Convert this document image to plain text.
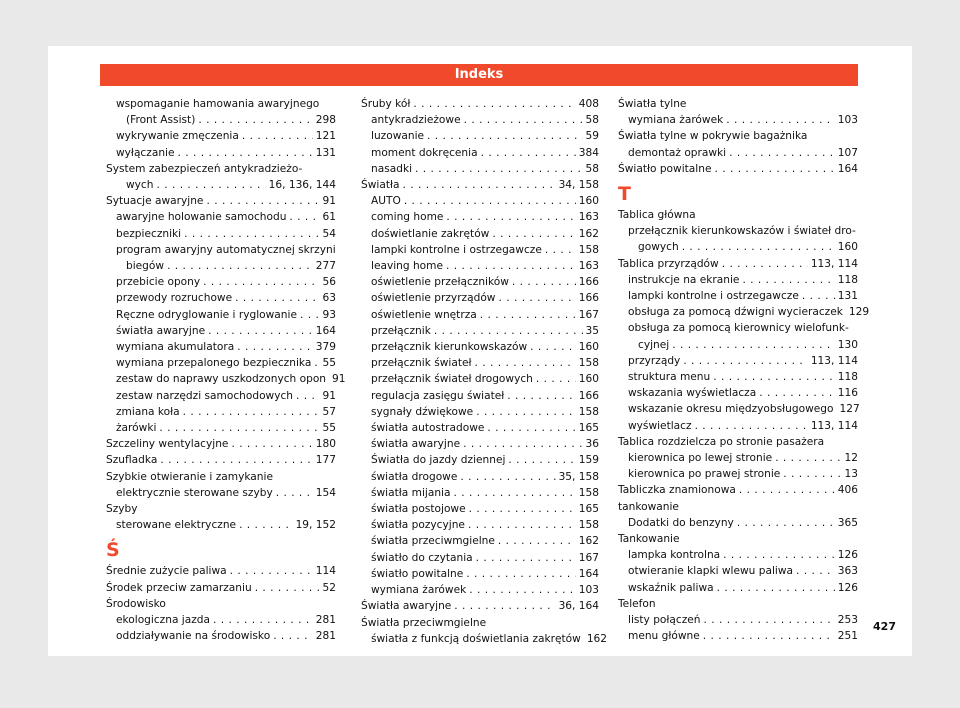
Indeks
wspomaganie hamowania awaryjnego
(Front Assist) . . .	298
wykrywanie zmęczenia . . .	121
wyłączanie . . .	131
System zabezpieczeń antykradzieżo-
wych . . .	16, 136, 144
Sytuacje awaryjne . . .	91
awaryjne holowanie samochodu . . .	61
bezpieczniki . . .	54
program awaryjny automatycznej skrzyni
biegów . . .	277
przebicie opony . . .	56
przewody rozruchowe . . .	63
Ręczne odryglowanie i ryglowanie . . . 93
światła awaryjne . . .	164
wymiana akumulatora . . .	379
wymiana przepalonego bezpiecznika . . . 55
zestaw do naprawy uszkodzonych opon 91
zestaw narzędzi samochodowych . . .	91
zmiana koła . . .	57
żarówki . . .	55
Szczeliny wentylacyjne . . .	180
Szufladka . . .	177
Szybkie otwieranie i zamykanie
elektrycznie sterowane szyby . . .	154
Szyby
sterowane elektryczne . . .	19, 152
Ś
Średnie zużycie paliwa . . .	114
Środek przeciw zamarzaniu . . .	52
Środowisko
ekologiczna jazda . . .	281
oddziaływanie na środowisko . . .	281
Śruby kół . . .	408
antykradzieżowe . . .	58
luzowanie . . .	59
moment dokręcenia . . .	384
nasadki . . .	58
Światła . . .	34, 158
AUTO . . .	160
coming home . . .	163
doświetlanie zakrętów . . .	162
lampki kontrolne i ostrzegawcze . . .	158
leaving home . . .	163
oświetlenie przełączników . . .	166
oświetlenie przyrządów . . .	166
oświetlenie wnętrza . . .	167
przełącznik . . .	35
przełącznik kierunkowskazów . . .	160
przełącznik świateł . . .	158
przełącznik świateł drogowych . . .	160
regulacja zasięgu świateł . . .	166
sygnały dźwiękowe . . .	158
światła autostradowe . . .	165
światła awaryjne . . .	36
Światła do jazdy dziennej . . .	159
światła drogowe . . .	35, 158
światła mijania . . .	158
światła postojowe . . .	165
światła pozycyjne . . .	158
światła przeciwmgielne . . .	162
światło do czytania . . .	167
światło powitalne . . .	164
wymiana żarówek . . .	103
Światła awaryjne . . .	36, 164
Światła przeciwmgielne
światła z funkcją doświetlania zakrętów 162
Światła tylne
wymiana żarówek . . .	103
Światła tylne w pokrywie bagażnika
demontaż oprawki . . .	107
Światło powitalne . . .	164
T
Tablica główna
przełącznik kierunkowskazów i świateł dro-
gowych . . .	160
Tablica przyrządów . . .	113, 114
instrukcje na ekranie . . .	118
lampki kontrolne i ostrzegawcze . . .	131
obsługa za pomocą dźwigni wycieraczek 129
obsługa za pomocą kierownicy wielofunk-
cyjnej . . .	130
przyrządy . . .	113, 114
struktura menu . . .	118
wskazania wyświetlacza . . .	116
wskazanie okresu międzyobsługowego 127
wyświetlacz . . .	113, 114
Tablica rozdzielcza po stronie pasażera
kierownica po lewej stronie . . .	12
kierownica po prawej stronie . . .	13
Tabliczka znamionowa . . .	406
tankowanie
Dodatki do benzyny . . .	365
Tankowanie
lampka kontrolna . . .	126
otwieranie klapki wlewu paliwa . . .	363
wskaźnik paliwa . . .	126
Telefon
listy połączeń . . .	253
menu główne . . .	251
427
